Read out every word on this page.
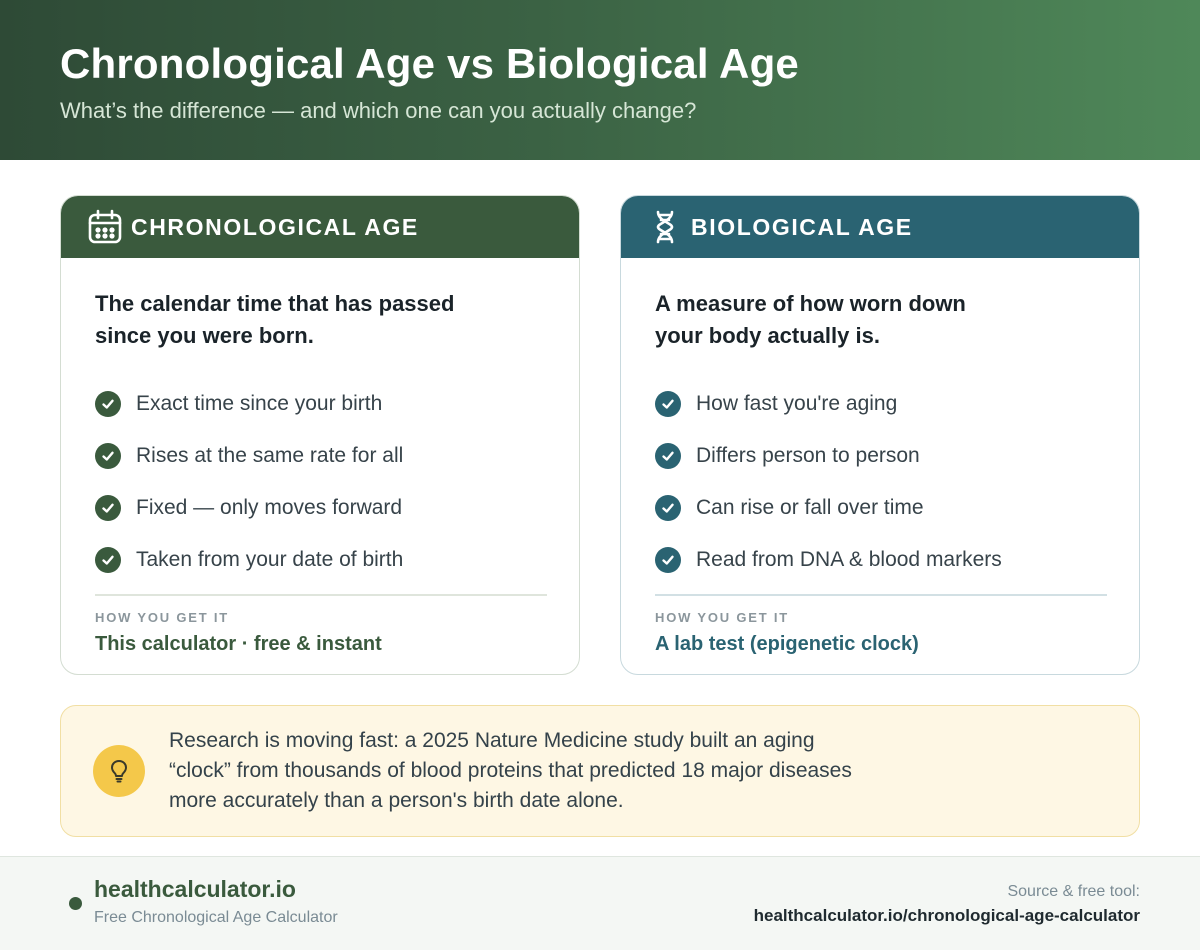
Chronological Age vs Biological Age
What’s the difference — and which one can you actually change?
CHRONOLOGICAL AGE
The calendar time that has passed since you were born.
Exact time since your birth
Rises at the same rate for all
Fixed — only moves forward
Taken from your date of birth
HOW YOU GET IT
This calculator · free & instant
BIOLOGICAL AGE
A measure of how worn down your body actually is.
How fast you're aging
Differs person to person
Can rise or fall over time
Read from DNA & blood markers
HOW YOU GET IT
A lab test (epigenetic clock)
Research is moving fast: a 2025 Nature Medicine study built an aging “clock” from thousands of blood proteins that predicted 18 major diseases more accurately than a person's birth date alone.
healthcalculator.io
Free Chronological Age Calculator
Source & free tool:
healthcalculator.io/chronological-age-calculator
